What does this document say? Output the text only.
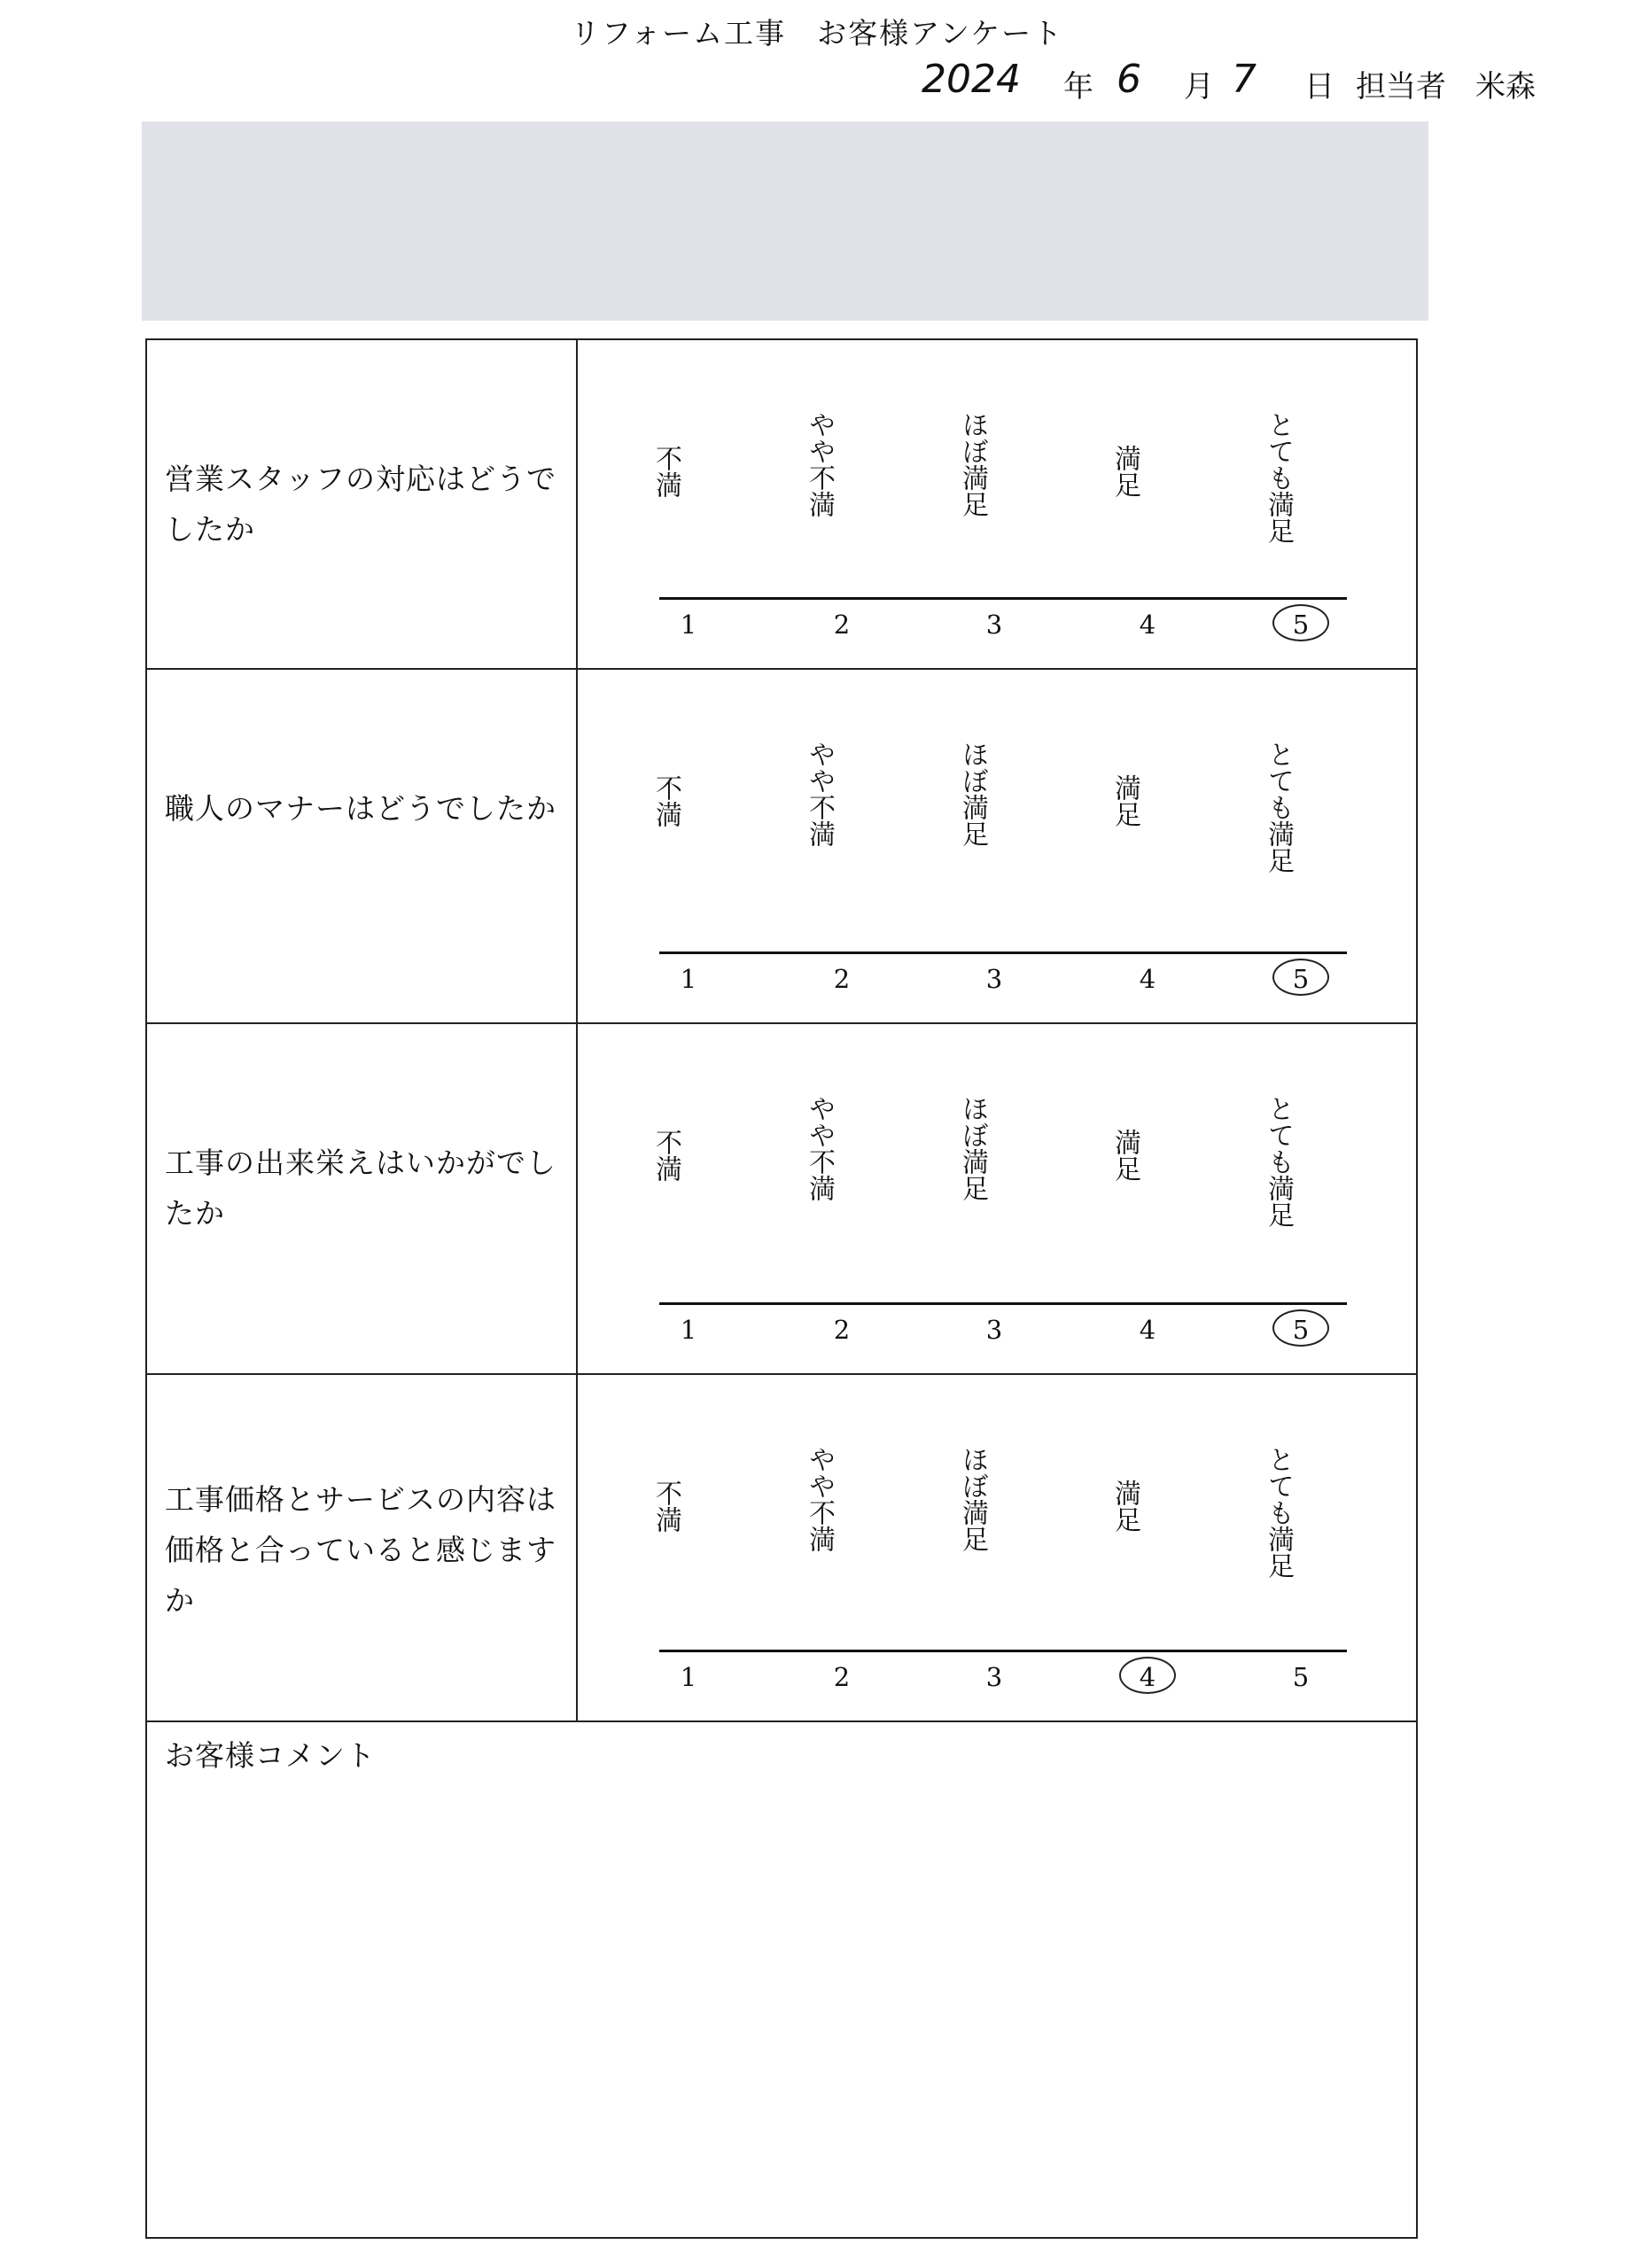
リフォーム工事　お客様アンケート
2024 年 6 月 7 日 担当者 米森
営業スタッフの対応はどうでしたか
不満	やや不満	ほぼ満足	満足	とても満足
1	2	3	4	5
職人のマナーはどうでしたか	不満	やや不満	ほぼ満足	満足	とても満足
1	2	3	4	5
工事の出来栄えはいかがでしたか
不満	やや不満	ほぼ満足	満足	とても満足
1	2	3	4	5
工事価格とサービスの内容は価格と合っていると感じますか
不満	やや不満	ほぼ満足	満足	とても満足
1	2	3	4	5
お客様コメント
